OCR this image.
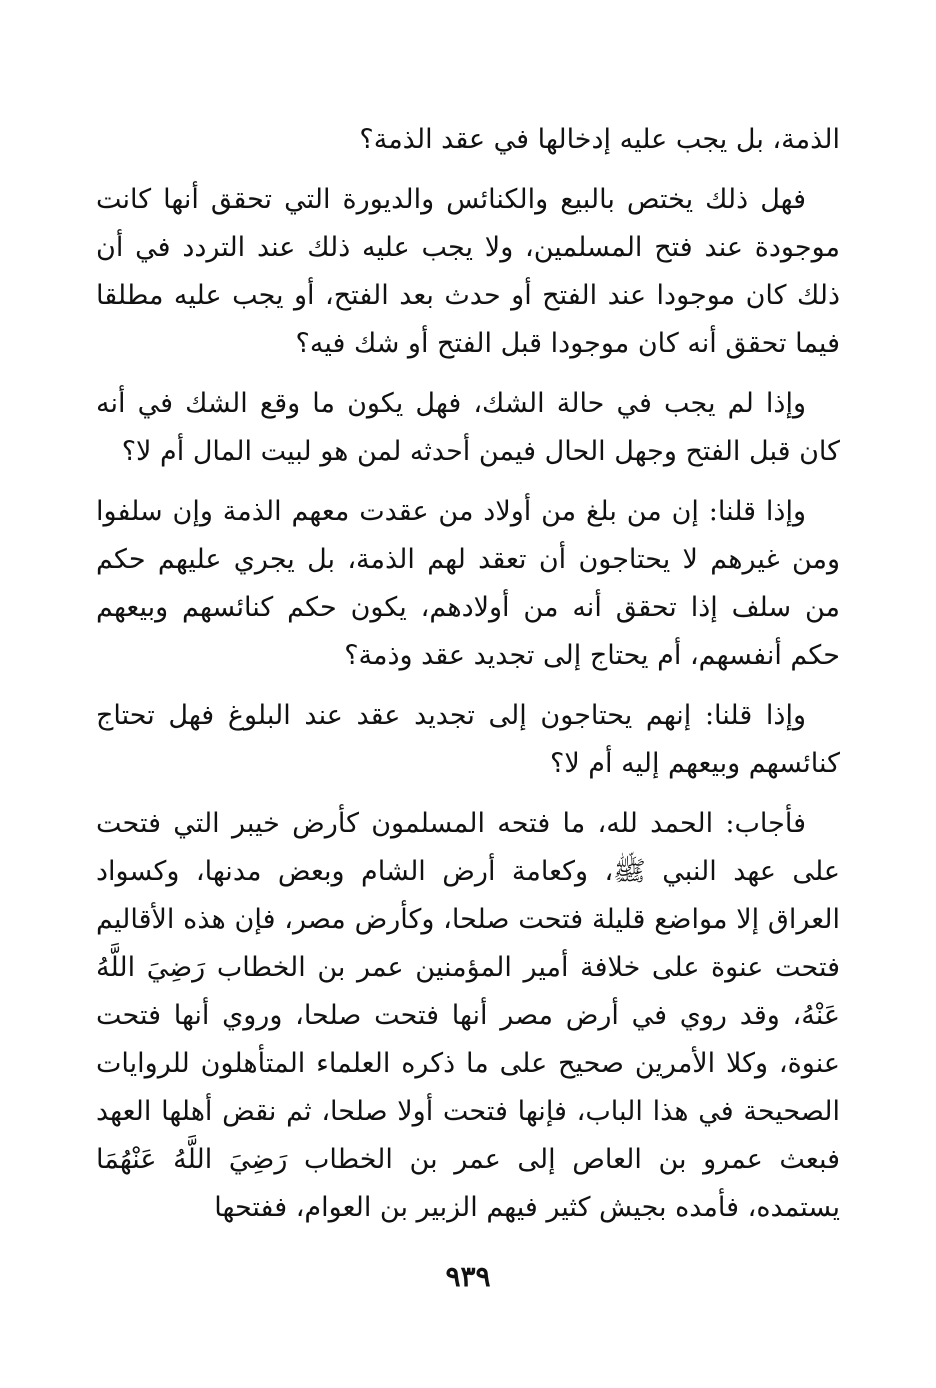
الذمة، بل يجب عليه إدخالها في عقد الذمة؟

فهل ذلك يختص بالبيع والكنائس والديورة التي تحقق أنها كانت موجودة عند فتح المسلمين، ولا يجب عليه ذلك عند التردد في أن ذلك كان موجودا عند الفتح أو حدث بعد الفتح، أو يجب عليه مطلقا فيما تحقق أنه كان موجودا قبل الفتح أو شك فيه؟

وإذا لم يجب في حالة الشك، فهل يكون ما وقع الشك في أنه كان قبل الفتح وجهل الحال فيمن أحدثه لمن هو لبيت المال أم لا؟

وإذا قلنا: إن من بلغ من أولاد من عقدت معهم الذمة وإن سلفوا ومن غيرهم لا يحتاجون أن تعقد لهم الذمة، بل يجري عليهم حكم من سلف إذا تحقق أنه من أولادهم، يكون حكم كنائسهم وبيعهم حكم أنفسهم، أم يحتاج إلى تجديد عقد وذمة؟

وإذا قلنا: إنهم يحتاجون إلى تجديد عقد عند البلوغ فهل تحتاج كنائسهم وبيعهم إليه أم لا؟

فأجاب: الحمد لله، ما فتحه المسلمون كأرض خيبر التي فتحت على عهد النبي ﷺ، وكعامة أرض الشام وبعض مدنها، وكسواد العراق إلا مواضع قليلة فتحت صلحا، وكأرض مصر، فإن هذه الأقاليم فتحت عنوة على خلافة أمير المؤمنين عمر بن الخطاب رَضِيَ اللَّهُ عَنْهُ، وقد روي في أرض مصر أنها فتحت صلحا، وروي أنها فتحت عنوة، وكلا الأمرين صحيح على ما ذكره العلماء المتأهلون للروايات الصحيحة في هذا الباب، فإنها فتحت أولا صلحا، ثم نقض أهلها العهد فبعث عمرو بن العاص إلى عمر بن الخطاب رَضِيَ اللَّهُ عَنْهُمَا يستمده، فأمده بجيش كثير فيهم الزبير بن العوام، ففتحها

٩٣٩
